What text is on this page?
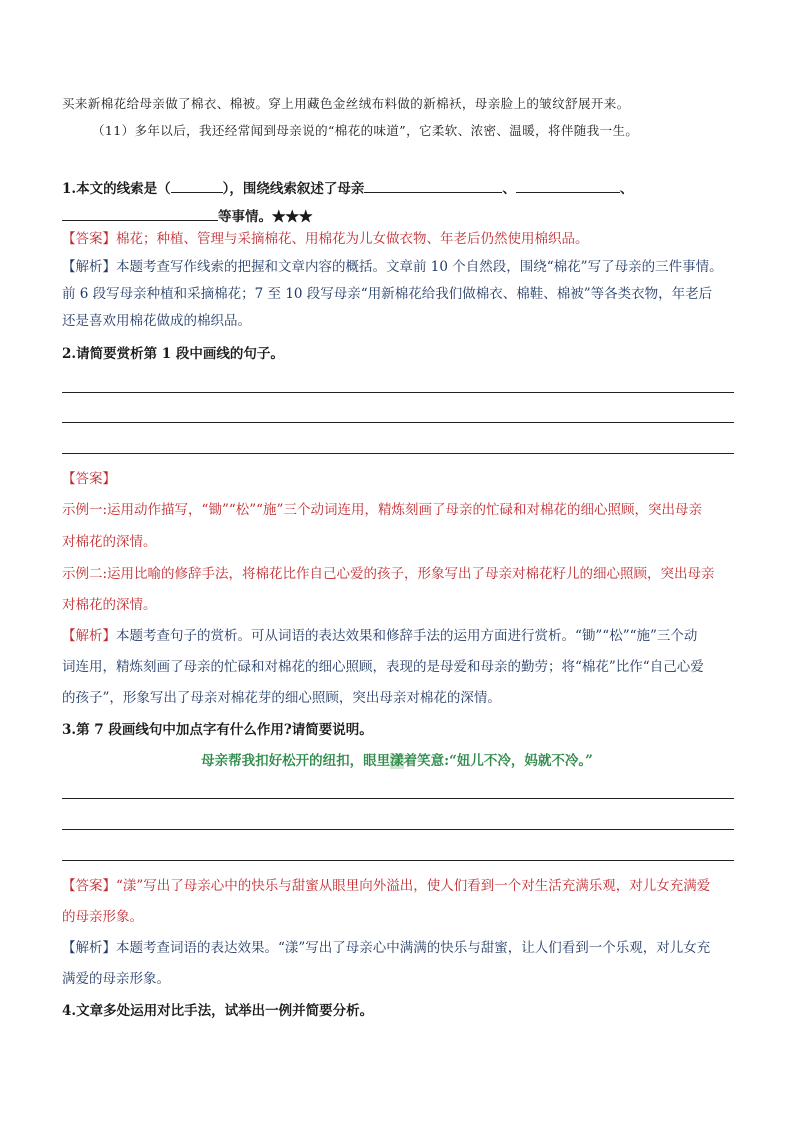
买来新棉花给母亲做了棉衣、棉被。穿上用藏色金丝绒布料做的新棉袄，母亲脸上的皱纹舒展开来。
（11）多年以后，我还经常闻到母亲说的“棉花的味道”，它柔软、浓密、温暖，将伴随我一生。
1.本文的线索是（	），围绕线索叙述了母亲	、	、
等事情。★★★
【答案】棉花；种植、管理与采摘棉花、用棉花为儿女做衣物、年老后仍然使用棉织品。
【解析】本题考查写作线索的把握和文章内容的概括。文章前 10 个自然段，围绕“棉花”写了母亲的三件事情。
前 6 段写母亲种植和采摘棉花；7 至 10 段写母亲“用新棉花给我们做棉衣、棉鞋、棉被”等各类衣物，年老后
还是喜欢用棉花做成的棉织品。
2.请简要赏析第 1 段中画线的句子。
【答案】
示例一:运用动作描写，“锄”“松”“施”三个动词连用，精炼刻画了母亲的忙碌和对棉花的细心照顾，突出母亲
对棉花的深情。
示例二:运用比喻的修辞手法，将棉花比作自己心爱的孩子，形象写出了母亲对棉花籽儿的细心照顾，突出母亲
对棉花的深情。
【解析】本题考查句子的赏析。可从词语的表达效果和修辞手法的运用方面进行赏析。“锄”“松”“施”三个动
词连用，精炼刻画了母亲的忙碌和对棉花的细心照顾，表现的是母爱和母亲的勤劳；将“棉花”比作“自己心爱
的孩子”，形象写出了母亲对棉花芽的细心照顾，突出母亲对棉花的深情。
3.第 7 段画线句中加点字有什么作用?请简要说明。
母亲帮我扣好松开的纽扣，眼里漾着笑意:“妞儿不冷，妈就不冷。”
【答案】“漾”写出了母亲心中的快乐与甜蜜从眼里向外溢出，使人们看到一个对生活充满乐观，对儿女充满爱
的母亲形象。
【解析】本题考查词语的表达效果。“漾”写出了母亲心中满满的快乐与甜蜜，让人们看到一个乐观，对儿女充
满爱的母亲形象。
4.文章多处运用对比手法，试举出一例并简要分析。
